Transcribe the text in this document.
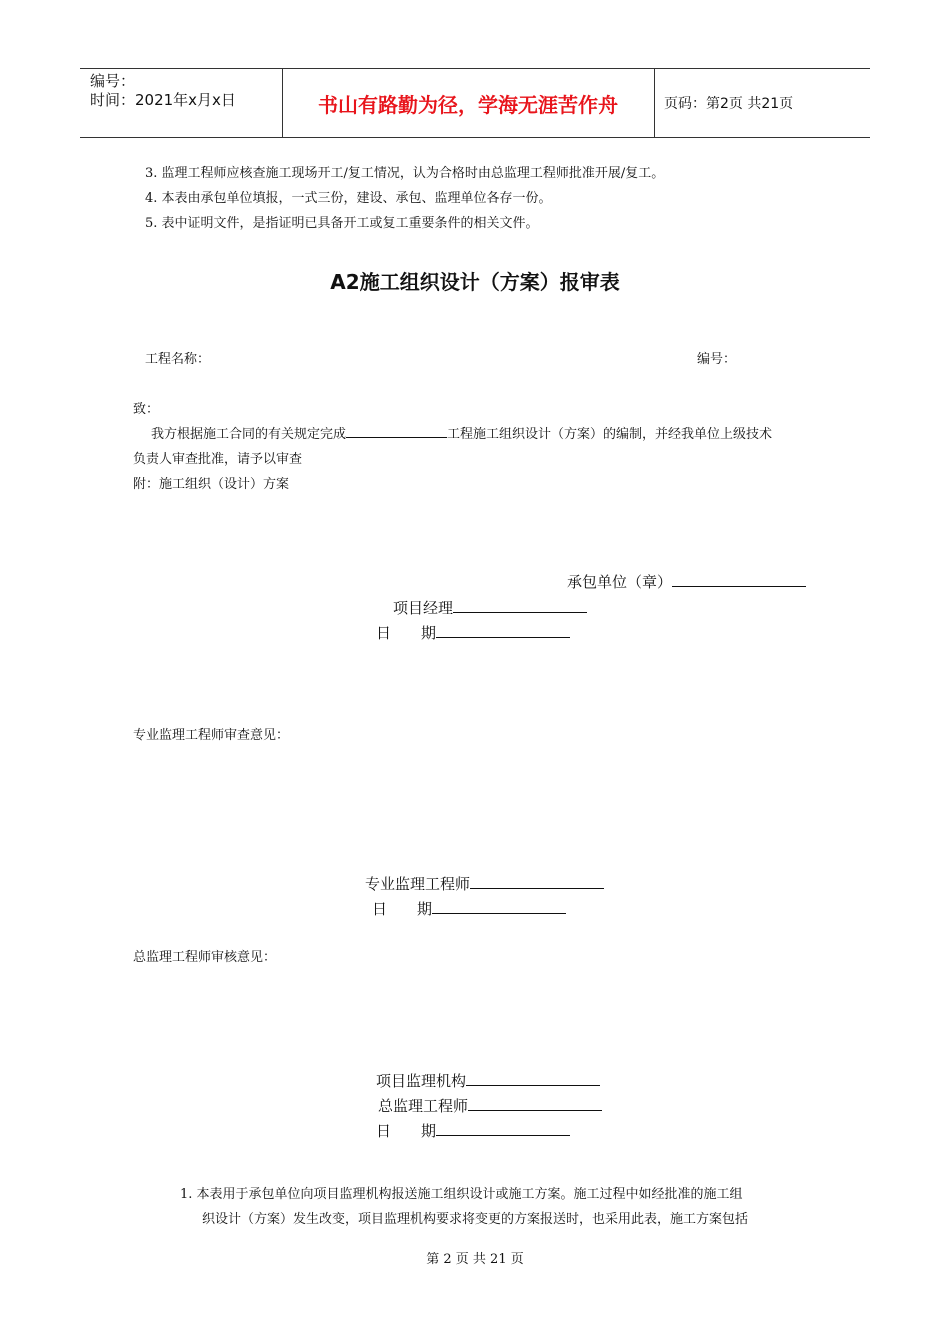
编号：
时间：2021年x月x日	书山有路勤为径，学海无涯苦作舟	页码：第2页 共21页
3. 监理工程师应核查施工现场开工/复工情况，认为合格时由总监理工程师批准开展/复工。
4. 本表由承包单位填报，一式三份，建设、承包、监理单位各存一份。
5. 表中证明文件，是指证明已具备开工或复工重要条件的相关文件。
A2施工组织设计（方案）报审表
工程名称：	编号：
致：
我方根据施工合同的有关规定完成	工程施工组织设计（方案）的编制，并经我单位上级技术
负责人审查批准，请予以审查
附：施工组织（设计）方案
承包单位（章）
项目经理
日　　期
专业监理工程师审查意见：
专业监理工程师
日　　期
总监理工程师审核意见：
项目监理机构
总监理工程师
日　　期
1. 本表用于承包单位向项目监理机构报送施工组织设计或施工方案。施工过程中如经批准的施工组
织设计（方案）发生改变，项目监理机构要求将变更的方案报送时，也采用此表，施工方案包括
第 2 页 共 21 页
